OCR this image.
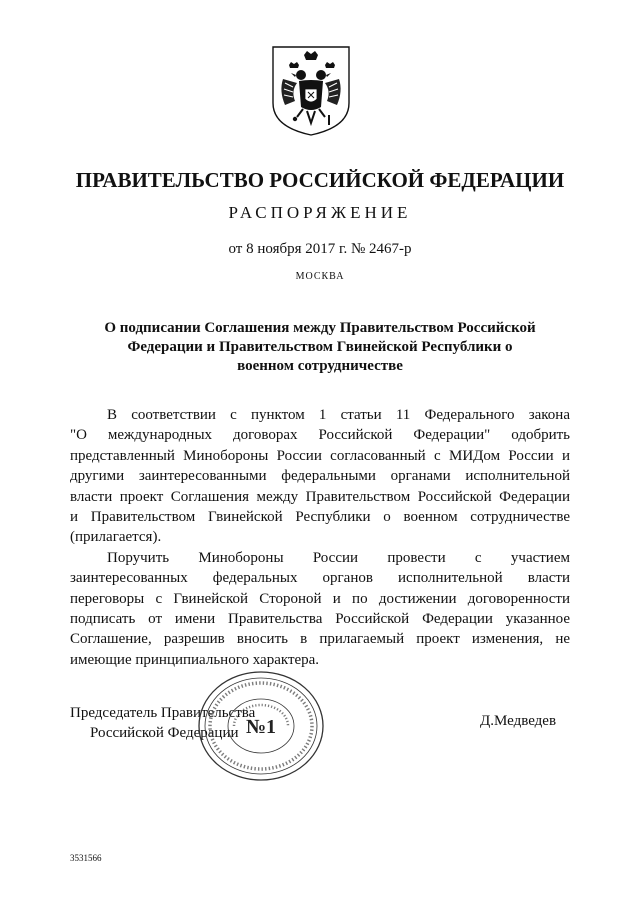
ПРАВИТЕЛЬСТВО РОССИЙСКОЙ ФЕДЕРАЦИИ
РАСПОРЯЖЕНИЕ
от 8 ноября 2017 г. № 2467-р
МОСКВА
О подписании Соглашения между Правительством Российской
Федерации и Правительством Гвинейской Республики о
военном сотрудничестве
В соответствии с пунктом 1 статьи 11 Федерального закона
"О международных договорах Российской Федерации" одобрить
представленный Минобороны России согласованный с МИДом России и
другими заинтересованными федеральными органами исполнительной
власти проект Соглашения между Правительством Российской Федерации
и Правительством Гвинейской Республики о военном сотрудничестве
(прилагается).
Поручить Минобороны России провести с участием
заинтересованных федеральных органов исполнительной власти
переговоры с Гвинейской Стороной и по достижении договоренности
подписать от имени Правительства Российской Федерации указанное
Соглашение, разрешив вносить в прилагаемый проект изменения, не
имеющие принципиального характера.
Председатель Правительства
Российской Федерации
Д.Медведев
№1
3531566
